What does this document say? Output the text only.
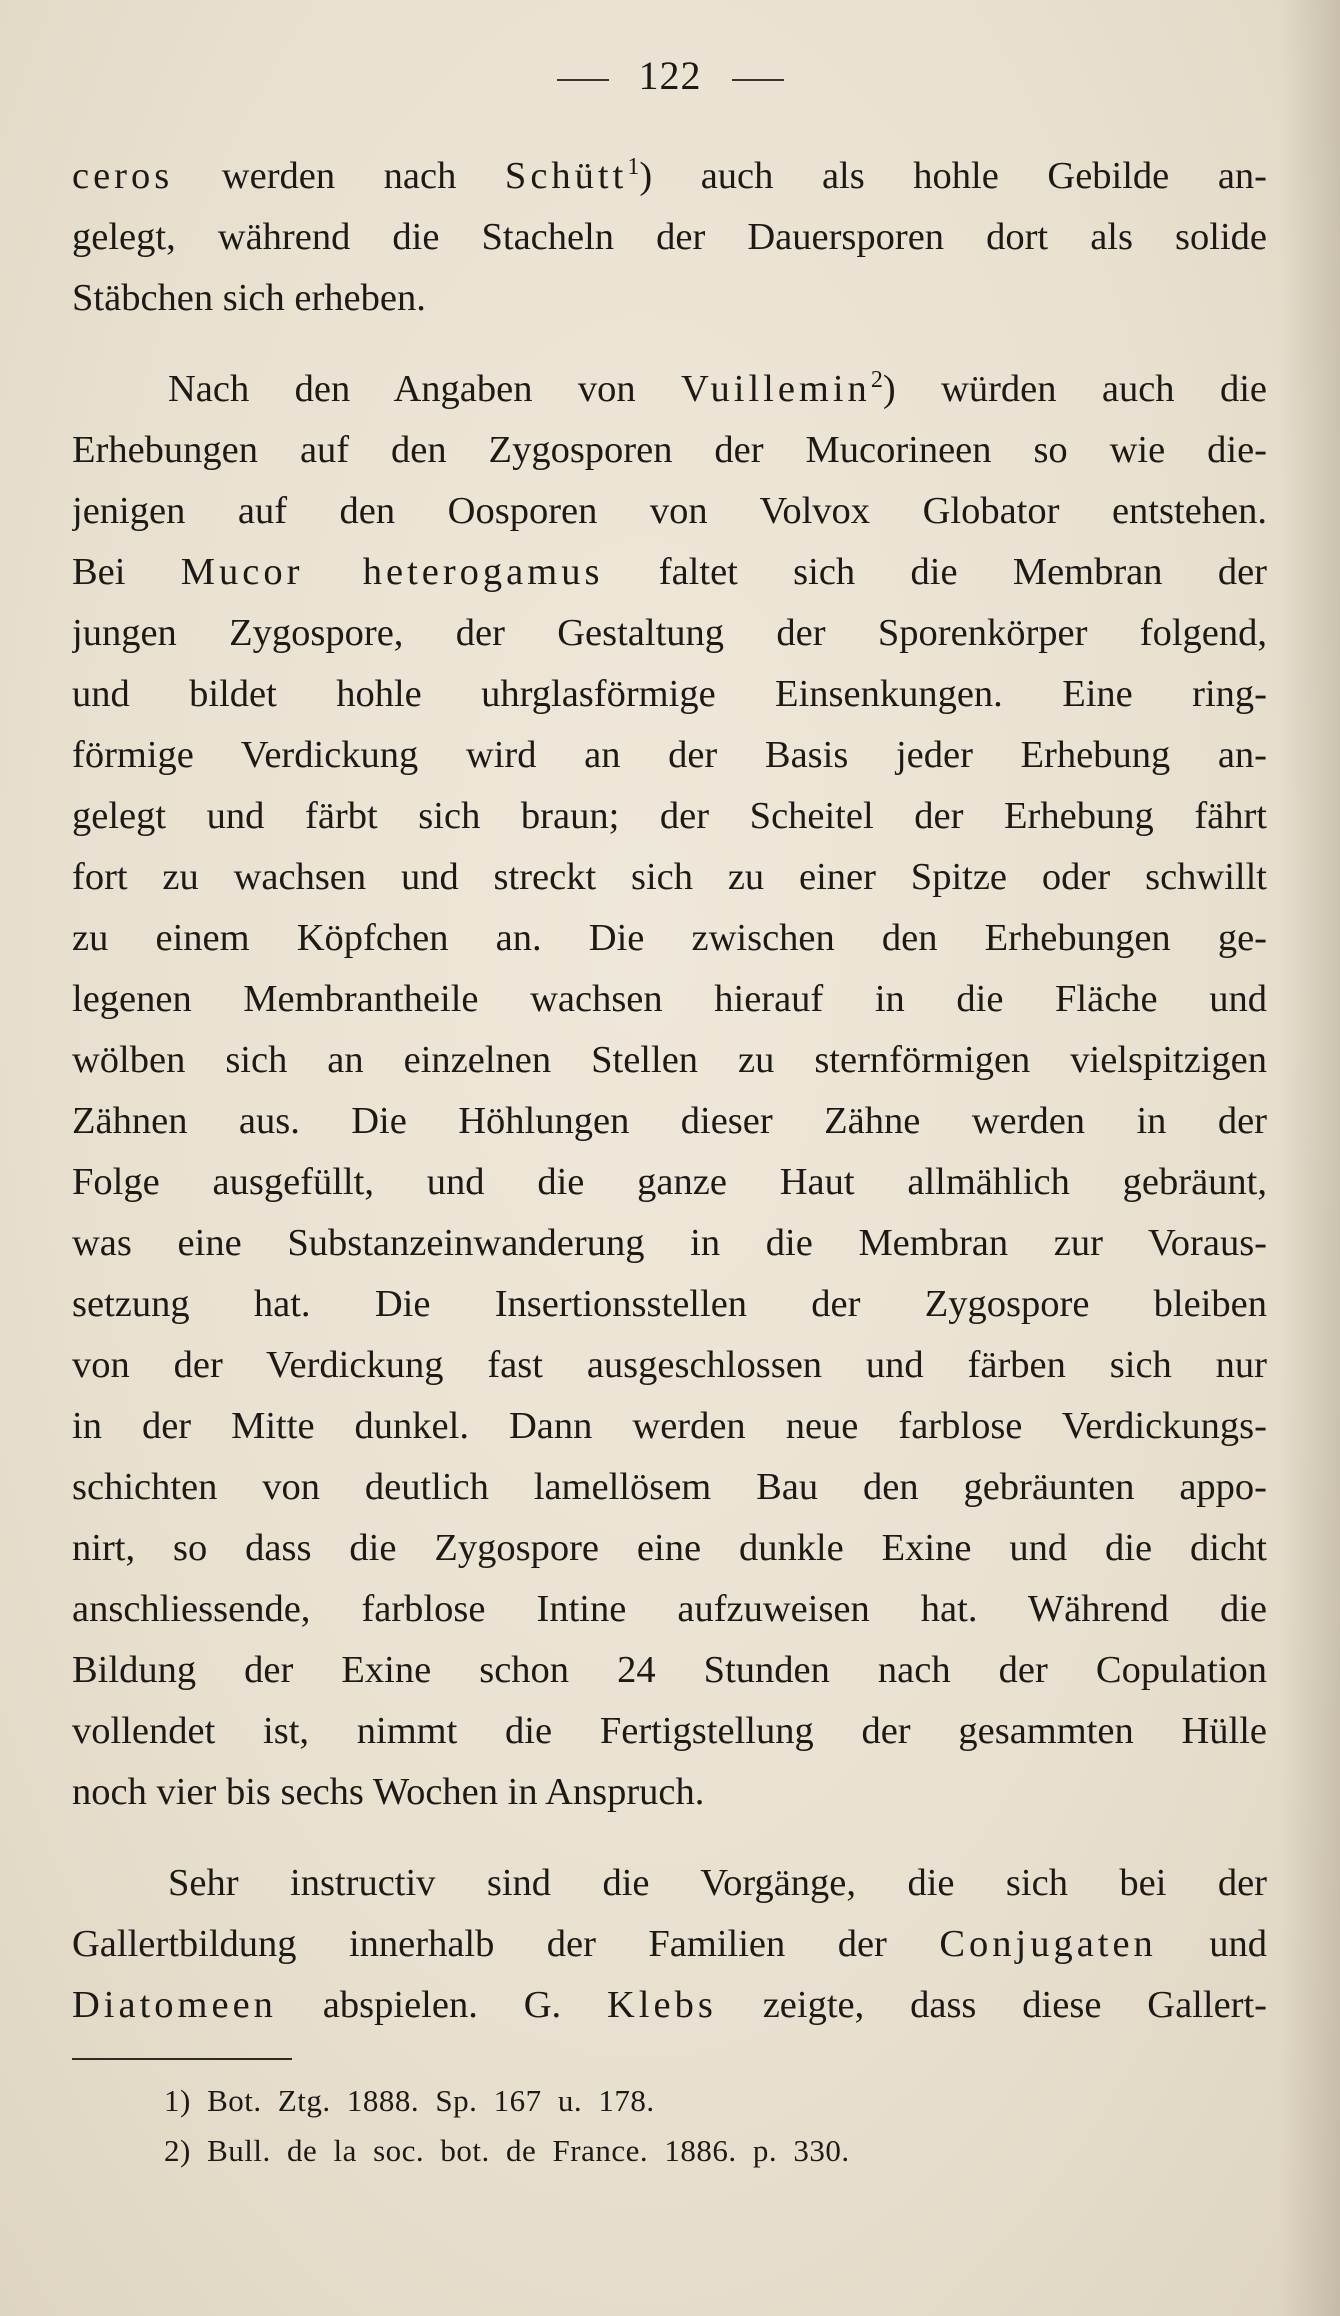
122
ceros werden nach Schütt$^1$) auch als hohle Gebilde an-
gelegt, während die Stacheln der Dauersporen dort als solide
Stäbchen sich erheben.
Nach den Angaben von Vuillemin$^2$) würden auch die
Erhebungen auf den Zygosporen der Mucorineen so wie die-
jenigen auf den Oosporen von Volvox Globator entstehen.
Bei Mucor heterogamus faltet sich die Membran der
jungen Zygospore, der Gestaltung der Sporenkörper folgend,
und bildet hohle uhrglasförmige Einsenkungen. Eine ring-
förmige Verdickung wird an der Basis jeder Erhebung an-
gelegt und färbt sich braun; der Scheitel der Erhebung fährt
fort zu wachsen und streckt sich zu einer Spitze oder schwillt
zu einem Köpfchen an. Die zwischen den Erhebungen ge-
legenen Membrantheile wachsen hierauf in die Fläche und
wölben sich an einzelnen Stellen zu sternförmigen vielspitzigen
Zähnen aus. Die Höhlungen dieser Zähne werden in der
Folge ausgefüllt, und die ganze Haut allmählich gebräunt,
was eine Substanzeinwanderung in die Membran zur Voraus-
setzung hat. Die Insertionsstellen der Zygospore bleiben
von der Verdickung fast ausgeschlossen und färben sich nur
in der Mitte dunkel. Dann werden neue farblose Verdickungs-
schichten von deutlich lamellösem Bau den gebräunten appo-
nirt, so dass die Zygospore eine dunkle Exine und die dicht
anschliessende, farblose Intine aufzuweisen hat. Während die
Bildung der Exine schon 24 Stunden nach der Copulation
vollendet ist, nimmt die Fertigstellung der gesammten Hülle
noch vier bis sechs Wochen in Anspruch.
Sehr instructiv sind die Vorgänge, die sich bei der
Gallertbildung innerhalb der Familien der Conjugaten und
Diatomeen abspielen. G. Klebs zeigte, dass diese Gallert-
1) Bot. Ztg. 1888. Sp. 167 u. 178.
2) Bull. de la soc. bot. de France. 1886. p. 330.
